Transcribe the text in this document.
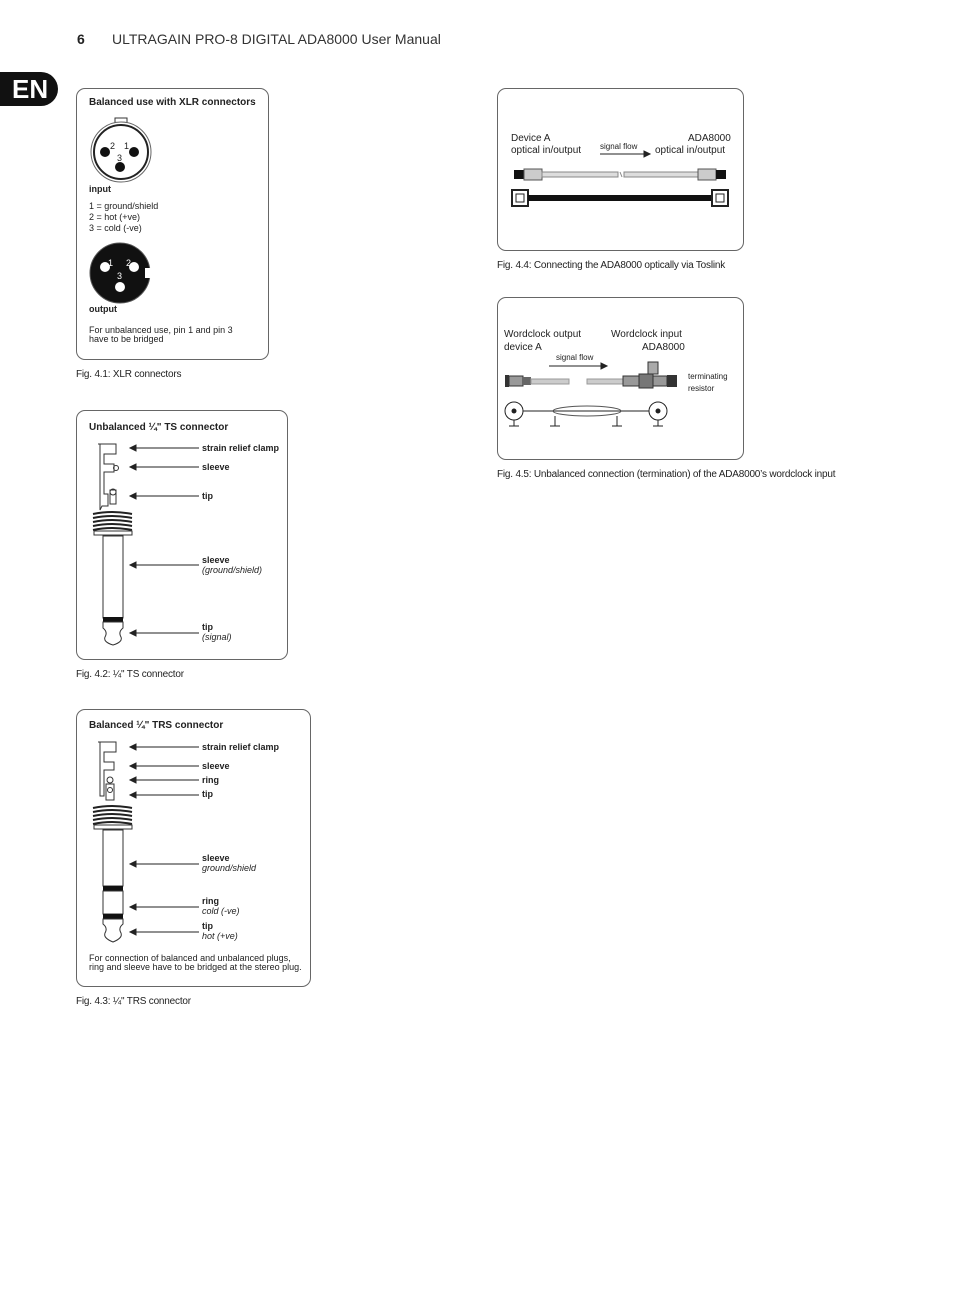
6 ULTRAGAIN PRO-8 DIGITAL ADA8000 User Manual
EN	Balanced use with XLR connectors
2 1
3
input
1 = ground/shield
2 = hot (+ve)
3 = cold (-ve)
1 2
3
output
For unbalanced use, pin 1 and pin 3
have to be bridged
Fig. 4.1: XLR connectors
Unbalanced ¼" TS connector
strain relief clamp
sleeve
tip
sleeve
(ground/shield)
tip
(signal)
Fig. 4.2: ¼" TS connector
Balanced ¼" TRS connector
strain relief clamp
sleeve
ring
tip
sleeve
ground/shield
ring
cold (-ve)
tip
hot (+ve)
For connection of balanced and unbalanced plugs,
ring and sleeve have to be bridged at the stereo plug.
Fig. 4.3: ¼" TRS connector
Device A
optical in/output
ADA8000
optical in/output
signal flow
Fig. 4.4: Connecting the ADA8000 optically via Toslink
Wordclock output
device A
Wordclock input
ADA8000
signal flow
terminating
resistor
Fig. 4.5: Unbalanced connection (termination) of the ADA8000’s wordclock input
